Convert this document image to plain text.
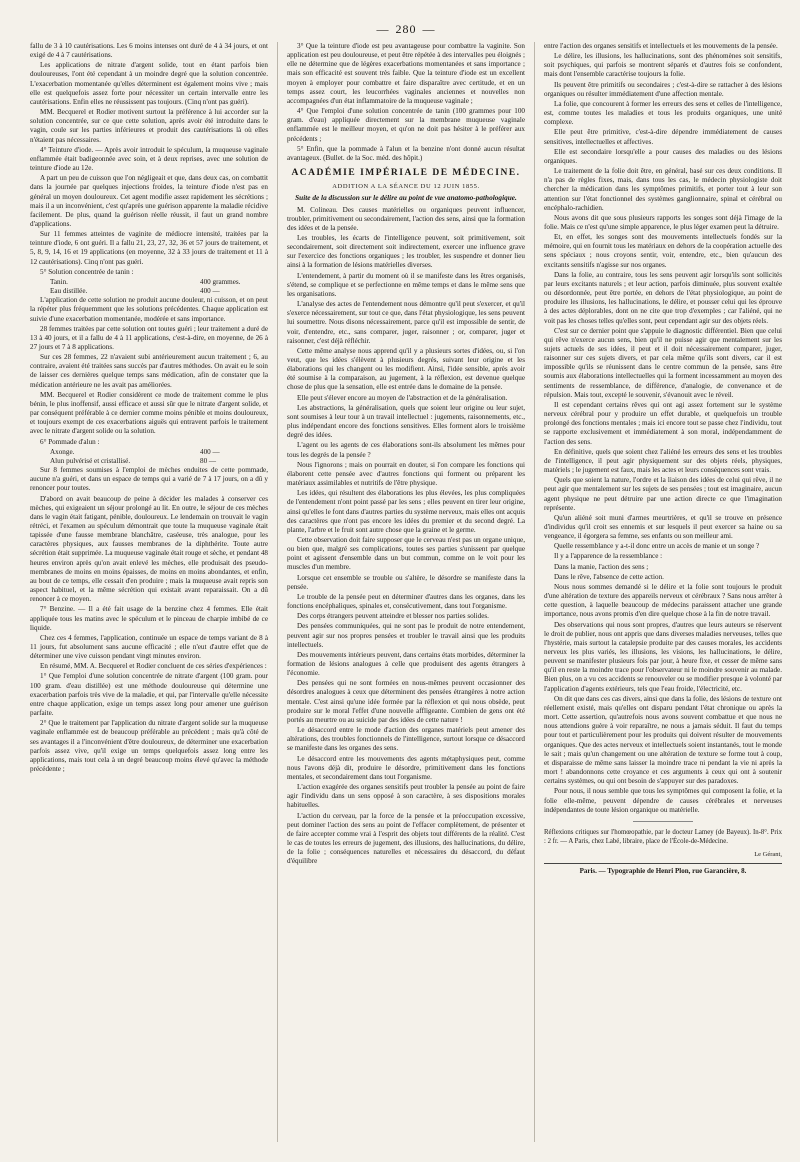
— 280 —

fallu de 3 à 10 cautérisations. Les 6 moins intenses ont duré de 4 à 34 jours, et ont exigé de 4 à 7 cautérisations.

Les applications de nitrate d'argent solide, tout en étant parfois bien douloureuses, l'ont été cependant à un moindre degré que la solution concentrée. L'exacerbation momentanée qu'elles déterminent est également moins vive ; mais elle est quelquefois assez forte pour nécessiter un certain intervalle entre les cautérisations. Enfin elles ne réussissent pas toujours. (Cinq n'ont pas guéri).

MM. Becquerel et Rodier motivent surtout la préférence à lui accorder sur la solution concentrée, sur ce que cette solution, après avoir été introduite dans le vagin, coule sur les parties inférieures et produit des cautérisations là où elles n'étaient pas nécessaires.

4° Teinture d'iode. — Après avoir introduit le spéculum, la muqueuse vaginale enflammée était badigeonnée avec soin, et à deux reprises, avec une solution de teinture d'iode au 12e.

A part un peu de cuisson que l'on négligeait et que, dans deux cas, on combattit dans la journée par quelques injections froides, la teinture d'iode n'est pas en général un moyen douloureux. Cet agent modifie assez rapidement les sécrétions ; mais il a un inconvénient, c'est qu'après une guérison apparente la maladie récidive facilement. De plus, quand la guérison réelle réussit, il faut un grand nombre d'applications.

Sur 11 femmes atteintes de vaginite de médiocre intensité, traitées par la teinture d'iode, 6 ont guéri. Il a fallu 21, 23, 27, 32, 36 et 57 jours de traitement, et 5, 8, 9, 14, 16 et 19 applications (en moyenne, 32 à 33 jours de traitement et 11 à 12 cautérisations). Cinq n'ont pas guéri.

5° Solution concentrée de tanin :

Tanin.	400 grammes.
Eau distillée.	400 —

L'application de cette solution ne produit aucune douleur, ni cuisson, et on peut la répéter plus fréquemment que les solutions précédentes. Chaque application est suivie d'une exacerbation momentanée, modérée et sans importance.

28 femmes traitées par cette solution ont toutes guéri ; leur traitement a duré de 13 à 40 jours, et il a fallu de 4 à 11 applications, c'est-à-dire, en moyenne, de 26 à 27 jours et 7 à 8 applications.

Sur ces 28 femmes, 22 n'avaient subi antérieurement aucun traitement ; 6, au contraire, avaient été traitées sans succès par d'autres méthodes. On avait eu le soin de laisser ces dernières quelque temps sans médication, afin de constater que la médication antérieure ne les avait pas améliorées.

MM. Becquerel et Rodier considèrent ce mode de traitement comme le plus bénin, le plus inoffensif, aussi efficace et aussi sûr que le nitrate d'argent solide, et par conséquent préférable à ce dernier comme moins pénible et moins douloureux, et toujours exempt de ces exacerbations aiguës qui entravent parfois le traitement avec le nitrate d'argent solide ou la solution.

6° Pommade d'alun :

Axonge.	400 —
Alun pulvérisé et cristallisé.	80 —

Sur 8 femmes soumises à l'emploi de mèches enduites de cette pommade, aucune n'a guéri, et dans un espace de temps qui a varié de 7 à 17 jours, on a dû y renoncer pour toutes.

D'abord on avait beaucoup de peine à décider les malades à conserver ces mèches, qui exigeaient un séjour prolongé au lit. En outre, le séjour de ces mèches dans le vagin était fatigant, pénible, douloureux. Le lendemain on trouvait le vagin rétréci, et l'examen au spéculum démontrait que toute la muqueuse vaginale était tapissée d'une fausse membrane blanchâtre, caséeuse, très analogue, pour les caractères physiques, aux fausses membranes de la diphthérite. Toute autre sécrétion était supprimée. La muqueuse vaginale était rouge et sèche, et pendant 48 heures environ après qu'on avait enlevé les mèches, elle produisait des pseudo-membranes de moins en moins épaisses, de moins en moins abondantes, et enfin, au bout de ce temps, elle cessait d'en produire ; mais la muqueuse avait repris son aspect habituel, et la même sécrétion qui existait avant reparaissait. On a dû renoncer à ce moyen.

7° Benzine. — Il a été fait usage de la benzine chez 4 femmes. Elle était appliquée tous les matins avec le spéculum et le pinceau de charpie imbibé de ce liquide.

Chez ces 4 femmes, l'application, continuée un espace de temps variant de 8 à 11 jours, fut absolument sans aucune efficacité ; elle n'eut d'autre effet que de déterminer une vive cuisson pendant vingt minutes environ.

En résumé, MM. A. Becquerel et Rodier concluent de ces séries d'expériences :

1° Que l'emploi d'une solution concentrée de nitrate d'argent (100 gram. pour 100 gram. d'eau distillée) est une méthode douloureuse qui détermine une exacerbation parfois très vive de la maladie, et qui, par l'intervalle qu'elle nécessite entre chaque application, exige un temps assez long pour amener une guérison parfaite.

2° Que le traitement par l'application du nitrate d'argent solide sur la muqueuse vaginale enflammée est de beaucoup préférable au précédent ; mais qu'à côté de ses avantages il a l'inconvénient d'être douloureux, de déterminer une exacerbation parfois assez vive, qu'il exige un temps quelquefois assez long entre les applications, mais tout cela à un degré beaucoup moins élevé qu'avec la méthode précédente ;

3° Que la teinture d'iode est peu avantageuse pour combattre la vaginite. Son application est peu douloureuse, et peut être répétée à des intervalles peu éloignés ; elle ne détermine que de légères exacerbations momentanées et sans importance ; mais son efficacité est souvent très faible. Que la teinture d'iode est un excellent moyen à employer pour combattre et faire disparaître avec certitude, et en un temps assez court, les leucorrhées vaginales anciennes et nouvelles non accompagnées d'un état inflammatoire de la muqueuse vaginale ;

4° Que l'emploi d'une solution concentrée de tanin (100 grammes pour 100 gram. d'eau) appliquée directement sur la membrane muqueuse vaginale enflammée est le meilleur moyen, et qu'on ne doit pas hésiter à le préférer aux précédents ;

5° Enfin, que la pommade à l'alun et la benzine n'ont donné aucun résultat avantageux. (Bullet. de la Soc. méd. des hôpit.)

ACADÉMIE IMPÉRIALE DE MÉDECINE.
ADDITION A LA SÉANCE DU 12 JUIN 1855.
Suite de la discussion sur le délire au point de vue anatomo-pathologique.

M. Colineau. Des causes matérielles ou organiques peuvent influencer, troubler, primitivement ou secondairement, l'action des sens, ainsi que la formation des idées et de la pensée.

Les troubles, les écarts de l'intelligence peuvent, soit primitivement, soit secondairement, soit directement soit indirectement, exercer une influence grave sur l'exercice des fonctions organiques ; les troubler, les suspendre et donner lieu ainsi à la formation de lésions matérielles diverses.

L'entendement, à partir du moment où il se manifeste dans les êtres organisés, s'étend, se complique et se perfectionne en même temps et dans le même sens que les organisations.

L'analyse des actes de l'entendement nous démontre qu'il peut s'exercer, et qu'il s'exerce nécessairement, sur tout ce que, dans l'état physiologique, les sens peuvent lui soumettre. Nous disons nécessairement, parce qu'il est impossible de sentir, de voir, d'entendre, etc., sans comparer, juger, raisonner ; or, comparer, juger et raisonner, c'est déjà réfléchir.

Cette même analyse nous apprend qu'il y a plusieurs sortes d'idées, ou, si l'on veut, que les idées s'élèvent à plusieurs degrés, suivant leur origine et les élaborations qui les changent ou les modifient. Ainsi, l'idée sensible, après avoir été soumise à la comparaison, au jugement, à la réflexion, est devenue quelque chose de plus que la sensation, elle est entrée dans le domaine de la pensée.

Elle peut s'élever encore au moyen de l'abstraction et de la généralisation.

Les abstractions, la généralisation, quels que soient leur origine ou leur sujet, sont soumises à leur tour à un travail intellectuel : jugements, raisonnements, etc., plus indépendant encore des fonctions sensitives. Elles forment alors le troisième degré des idées.

L'agent ou les agents de ces élaborations sont-ils absolument les mêmes pour tous les degrés de la pensée ?

Nous l'ignorons ; mais on pourrait en douter, si l'on compare les fonctions qui élaborent cette pensée avec d'autres fonctions qui forment ou préparent les matériaux assimilables et nutritifs de l'être physique.

Les idées, qui résultent des élaborations les plus élevées, les plus compliquées de l'entendement n'ont point passé par les sens ; elles peuvent en tirer leur origine, ainsi qu'elles le font dans d'autres parties du système nerveux, mais elles ont acquis des caractères que n'ont pas encore les idées du premier et du second degré. La plante, l'arbre et le fruit sont autre chose que la graine et le germe.

Cette observation doit faire supposer que le cerveau n'est pas un organe unique, ou bien que, malgré ses complications, toutes ses parties s'unissent par quelque point et agissent d'ensemble dans un but commun, comme on le voit pour les muscles d'un membre.

Lorsque cet ensemble se trouble ou s'altère, le désordre se manifeste dans la pensée.

Le trouble de la pensée peut en déterminer d'autres dans les organes, dans les fonctions encéphaliques, spinales et, consécutivement, dans tout l'organisme.

Des corps étrangers peuvent atteindre et blesser nos parties solides.

Des pensées communiquées, qui ne sont pas le produit de notre entendement, peuvent agir sur nos propres pensées et troubler le travail ainsi que les produits intellectuels.

Des mouvements intérieurs peuvent, dans certains états morbides, déterminer la formation de lésions analogues à celle que produisent des agents étrangers à l'économie.

Des pensées qui ne sont formées en nous-mêmes peuvent occasionner des désordres analogues à ceux que déterminent des pensées étrangères à notre action mentale. C'est ainsi qu'une idée formée par la réflexion et qui nous obsède, peut produire sur le moral l'effet d'une nouvelle affligeante. Combien de gens ont été portés au meurtre ou au suicide par des idées de cette nature !

Le désaccord entre le mode d'action des organes matériels peut amener des altérations, des troubles fonctionnels de l'intelligence, surtout lorsque ce désaccord se manifeste dans les organes des sens.

Le désaccord entre les mouvements des agents métaphysiques peut, comme nous l'avons déjà dit, produire le désordre, primitivement dans les fonctions mentales, et secondairement dans tout l'organisme.

L'action exagérée des organes sensitifs peut troubler la pensée au point de faire agir l'individu dans un sens opposé à son caractère, à ses dispositions morales habituelles.

L'action du cerveau, par la force de la pensée et la préoccupation excessive, peut dominer l'action des sens au point de l'effacer complètement, de présenter et de faire accepter comme vrai à l'esprit des objets tout différents de la réalité. C'est le cas de toutes les erreurs de jugement, des illusions, des hallucinations, du délire, de la folie ; conséquences naturelles et nécessaires du désaccord, du défaut d'équilibre

entre l'action des organes sensitifs et intellectuels et les mouvements de la pensée.

Le délire, les illusions, les hallucinations, sont des phénomènes soit sensitifs, soit psychiques, qui parfois se montrent séparés et d'autres fois se confondent, mais dont l'ensemble caractérise toujours la folie.

Ils peuvent être primitifs ou secondaires ; c'est-à-dire se rattacher à des lésions organiques ou résulter immédiatement d'une affection mentale.

La folie, que concourent à former les erreurs des sens et celles de l'intelligence, est, comme toutes les maladies et tous les produits organiques, une unité complexe.

Elle peut être primitive, c'est-à-dire dépendre immédiatement de causes sensitives, intellectuelles et affectives.

Elle est secondaire lorsqu'elle a pour causes des maladies ou des lésions organiques.

Le traitement de la folie doit être, en général, basé sur ces deux conditions. Il n'a pas de règles fixes, mais, dans tous les cas, le médecin physiologiste doit chercher la médication dans les symptômes primitifs, et porter tout à leur son attention sur l'état fonctionnel des systèmes ganglionnaire, spinal et cérébral ou encéphalo-rachidien.

Nous avons dit que sous plusieurs rapports les songes sont déjà l'image de la folie. Mais ce n'est qu'une simple apparence, le plus léger examen peut la détruire.

Et, en effet, les songes sont des mouvements intellectuels fondés sur la mémoire, qui en fournit tous les matériaux en dehors de la coopération actuelle des sens spéciaux ; nous croyons sentir, voir, entendre, etc., bien qu'aucun des excitants sensitifs n'agisse sur nos organes.

Dans la folie, au contraire, tous les sens peuvent agir lorsqu'ils sont sollicités par leurs excitants naturels ; et leur action, parfois diminuée, plus souvent exaltée ou désordonnée, peut être portée, en dehors de l'état physiologique, au point de produire les illusions, les hallucinations, le délire, et pousser celui qui les éprouve à des actes déplorables, dont on ne cite que trop d'exemples ; car l'aliéné, qui ne voit pas les choses telles qu'elles sont, peut cependant agir sur des objets réels.

C'est sur ce dernier point que s'appuie le diagnostic différentiel. Bien que celui qui rêve n'exerce aucun sens, bien qu'il ne puisse agir que mentalement sur les sujets actuels de ses idées, il peut et il doit nécessairement comparer, juger, raisonner sur ces sujets divers, et par cela même qu'ils sont divers, car il est impossible qu'ils se réunissent dans le centre commun de la pensée, sans être soumis aux élaborations intellectuelles qui la forment incessamment au moyen des sentiments de ressemblance, de différence, d'analogie, de convenance et de répulsion. Mais tout, excepté le souvenir, s'évanouit avec le réveil.

Il est cependant certains rêves qui ont agi assez fortement sur le système nerveux cérébral pour y produire un effet durable, et quelquefois un trouble prolongé des fonctions mentales ; mais ici encore tout se passe chez l'individu, tout se rapporte exclusivement et immédiatement à son moral, indépendamment de l'action des sens.

En définitive, quels que soient chez l'aliéné les erreurs des sens et les troubles de l'intelligence, il peut agir physiquement sur des objets réels, physiques, matériels ; le jugement est faux, mais les actes et leurs conséquences sont vrais.

Quels que soient la nature, l'ordre et la liaison des idées de celui qui rêve, il ne peut agir que mentalement sur les sujets de ses pensées ; tout est imaginaire, aucun agent physique ne peut détruire par une action directe ce que l'imagination représente.

Qu'un aliéné soit muni d'armes meurtrières, et qu'il se trouve en présence d'individus qu'il croit ses ennemis et sur lesquels il peut exercer sa haine ou sa vengeance, il égorgera sa femme, ses enfants ou son meilleur ami.

Quelle ressemblance y a-t-il donc entre un accès de manie et un songe ?

Il y a l'apparence de la ressemblance :

Dans la manie, l'action des sens ;

Dans le rêve, l'absence de cette action.

Nous nous sommes demandé si le délire et la folie sont toujours le produit d'une altération de texture des appareils nerveux et cérébraux ? Sans nous arrêter à cette question, à laquelle beaucoup de médecins paraissent attacher une grande importance, nous avons promis d'en dire quelque chose à la fin de notre travail.

Des observations qui nous sont propres, d'autres que leurs auteurs se réservent le droit de publier, nous ont appris que dans diverses maladies nerveuses, telles que l'hystérie, mais surtout la catalepsie produite par des causes morales, les accidents nerveux les plus variés, les illusions, les visions, les hallucinations, le délire, peuvent se manifester plusieurs fois par jour, à heure fixe, et cesser de même sans qu'il en reste la moindre trace pour l'observateur ni le moindre souvenir au malade. Bien plus, on a vu ces accidents se renouveler ou se modifier presque à volonté par l'application d'agents extérieurs, tels que l'eau froide, l'électricité, etc.

On dit que dans ces cas divers, ainsi que dans la folie, des lésions de texture ont réellement existé, mais qu'elles ont disparu pendant l'état chronique ou après la mort. Cette assertion, qu'autrefois nous avons souvent combattue et que nous ne nous attendions guère à voir reparaître, ne nous a jamais séduit. Il faut du temps pour tout et particulièrement pour les produits qui doivent résulter de mouvements organiques. Que des actes nerveux et intellectuels soient instantanés, tout le monde le sait ; mais qu'un changement ou une altération de texture se forme tout à coup, et disparaisse de même sans laisser la moindre trace ni pendant la vie ni après la mort ! abandonnons cette croyance et ces arguments à ceux qui ont à soutenir certains systèmes, ou qui ont besoin de s'appuyer sur des paradoxes.

Pour nous, il nous semble que tous les symptômes qui composent la folie, et la folie elle-même, peuvent dépendre de causes cérébrales et nerveuses indépendantes de toute lésion organique ou matérielle.

Réflexions critiques sur l'homœopathie, par le docteur Lamey (de Bayeux). In-8°. Prix : 2 fr. — A Paris, chez Labé, libraire, place de l'École-de-Médecine.

Le Gérant,
Paris. — Typographie de Henri Plon, rue Garancière, 8.
